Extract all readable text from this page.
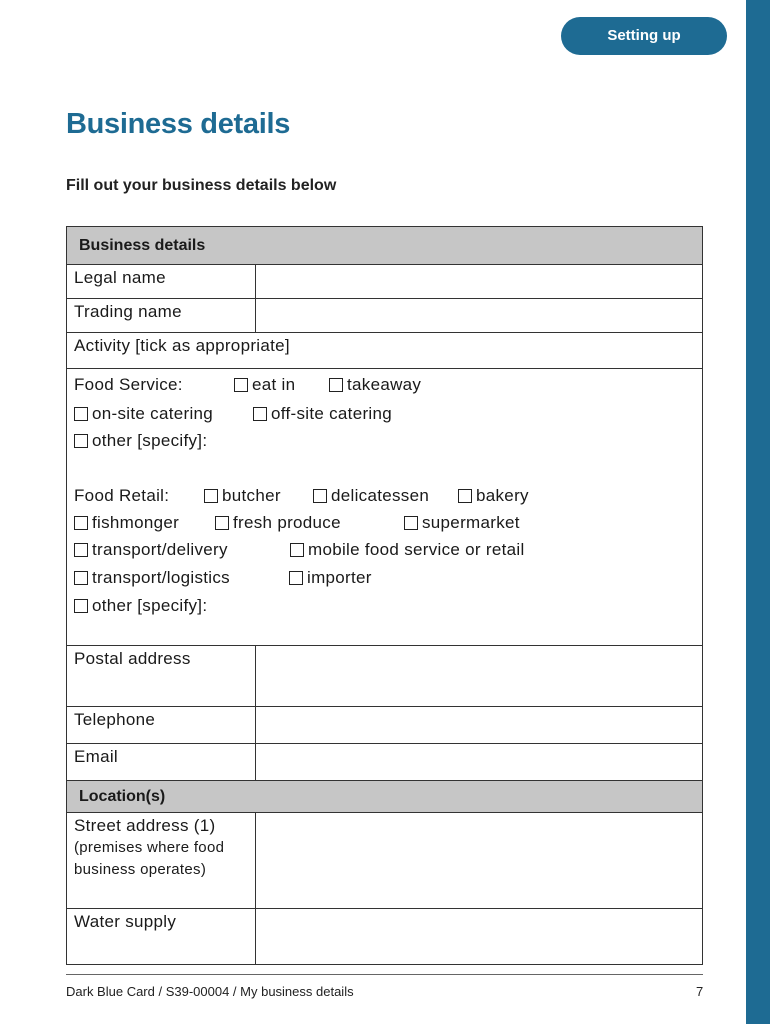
Setting up
Business details

Fill out your business details below

Business details
Legal name
Trading name
Activity [tick as appropriate]
Food Service:	eat in	takeaway
on-site catering	off-site catering
other [specify]:
Food Retail:	butcher	delicatessen	bakery
fishmonger	fresh produce	supermarket
transport/delivery	mobile food service or retail
transport/logistics	importer
other [specify]:
Postal address
Telephone
Email
Location(s)
Street address (1)
(premises where food business operates)
Water supply
Dark Blue Card / S39-00004 / My business details	7
